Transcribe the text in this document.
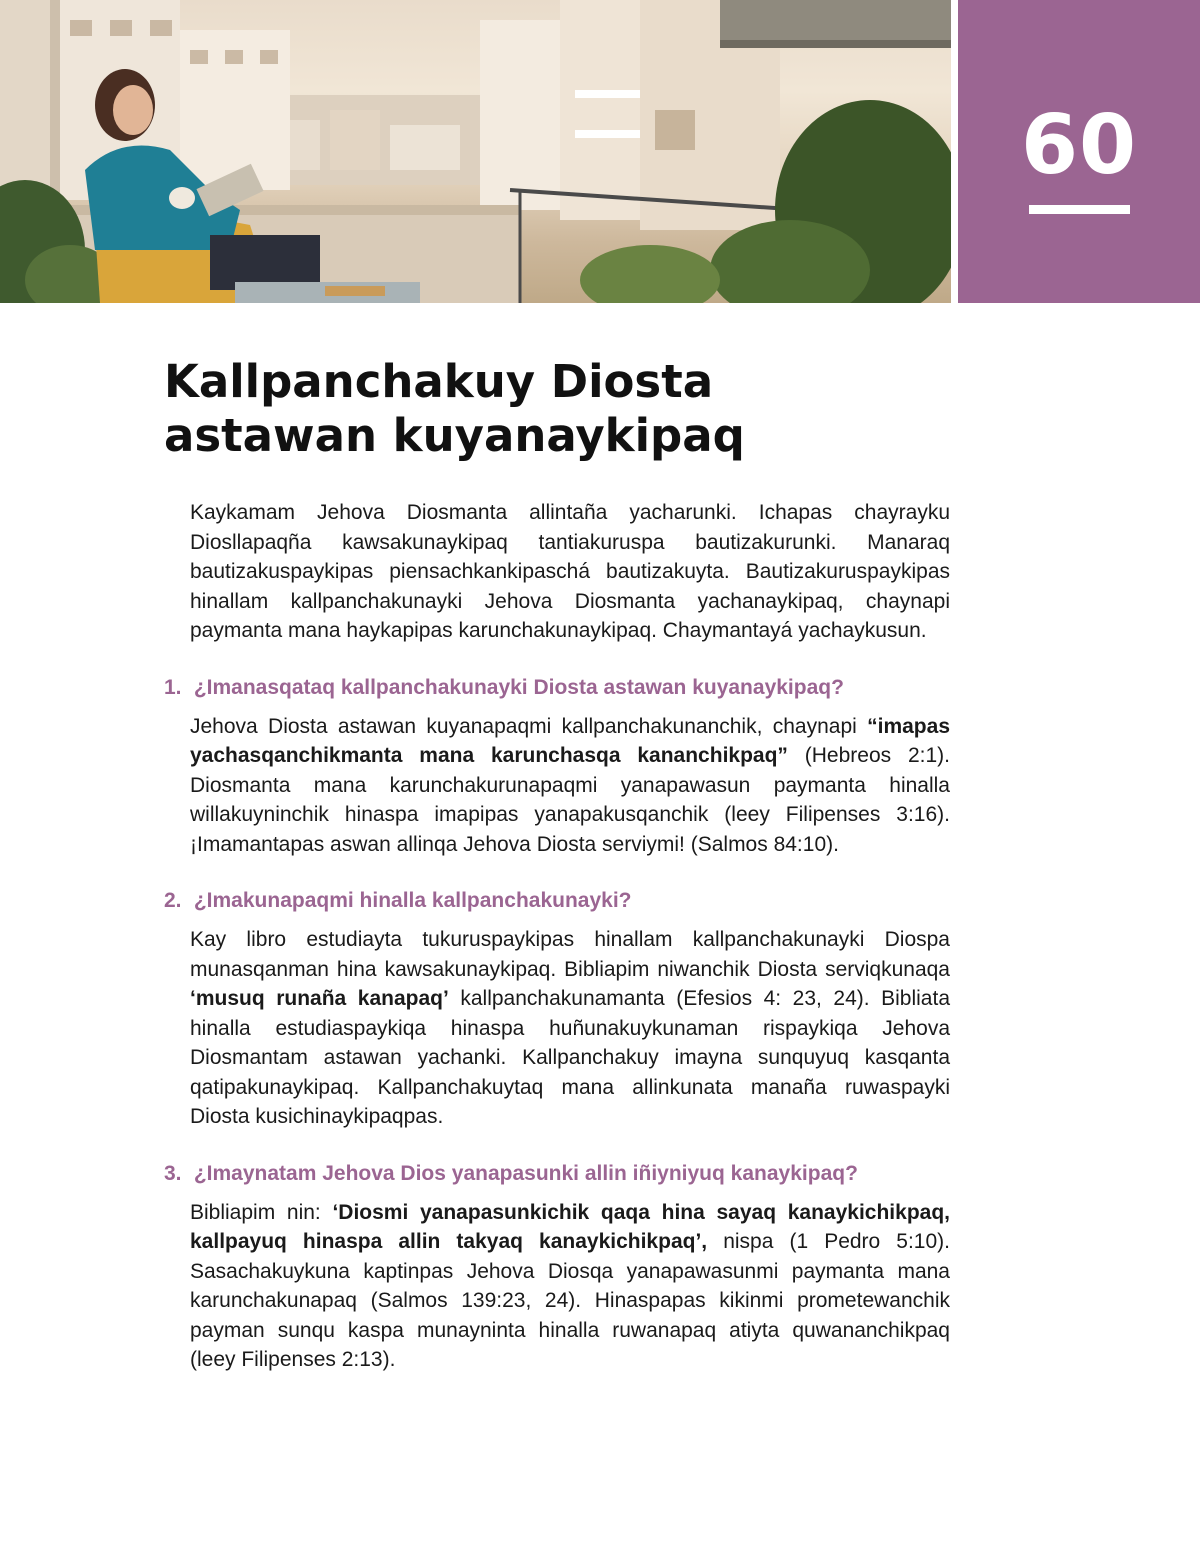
60
Kallpanchakuy Diosta
astawan kuyanaykipaq

Kaykamam Jehova Diosmanta allintaña yacharunki. Ichapas chayrayku Diosllapaqña kawsakunaykipaq tantiakuruspa bautizakurunki. Manaraq bautizakuspaykipas piensachkankipaschá bautizakuyta. Bautizakuruspaykipas hinallam kallpanchakunayki Jehova Diosmanta yachanaykipaq, chaynapi paymanta mana haykapipas karunchakunaykipaq. Chaymantayá yachaykusun.

1. ¿Imanasqataq kallpanchakunayki Diosta astawan kuyanaykipaq?

Jehova Diosta astawan kuyanapaqmi kallpanchakunanchik, chaynapi “imapas yachasqanchikmanta mana karunchasqa kananchikpaq” (Hebreos 2:1). Diosmanta mana karunchakurunapaqmi yanapawasun paymanta hinalla willakuyninchik hinaspa imapipas yanapakusqanchik (leey Filipenses 3:16). ¡Imamantapas aswan allinqa Jehova Diosta serviymi! (Salmos 84:10).

2. ¿Imakunapaqmi hinalla kallpanchakunayki?

Kay libro estudiayta tukuruspaykipas hinallam kallpanchakunayki Diospa munasqanman hina kawsakunaykipaq. Bibliapim niwanchik Diosta serviqkunaqa ‘musuq runaña kanapaq’ kallpanchakunamanta (Efesios 4: 23, 24). Bibliata hinalla estudiaspaykiqa hinaspa huñunakuykunaman rispaykiqa Jehova Diosmantam astawan yachanki. Kallpanchakuy imayna sunquyuq kasqanta qatipakunaykipaq. Kallpanchakuytaq mana allinkunata manaña ruwaspayki Diosta kusichinaykipaqpas.

3. ¿Imaynatam Jehova Dios yanapasunki allin iñiyniyuq kanaykipaq?

Bibliapim nin: ‘Diosmi yanapasunkichik qaqa hina sayaq kanaykichikpaq, kallpayuq hinaspa allin takyaq kanaykichikpaq’, nispa (1 Pedro 5:10). Sasachakuykuna kaptinpas Jehova Diosqa yanapawasunmi paymanta mana karunchakunapaq (Salmos 139:23, 24). Hinaspapas kikinmi prometewanchik payman sunqu kaspa munayninta hinalla ruwanapaq atiyta quwananchikpaq (leey Filipenses 2:13).
